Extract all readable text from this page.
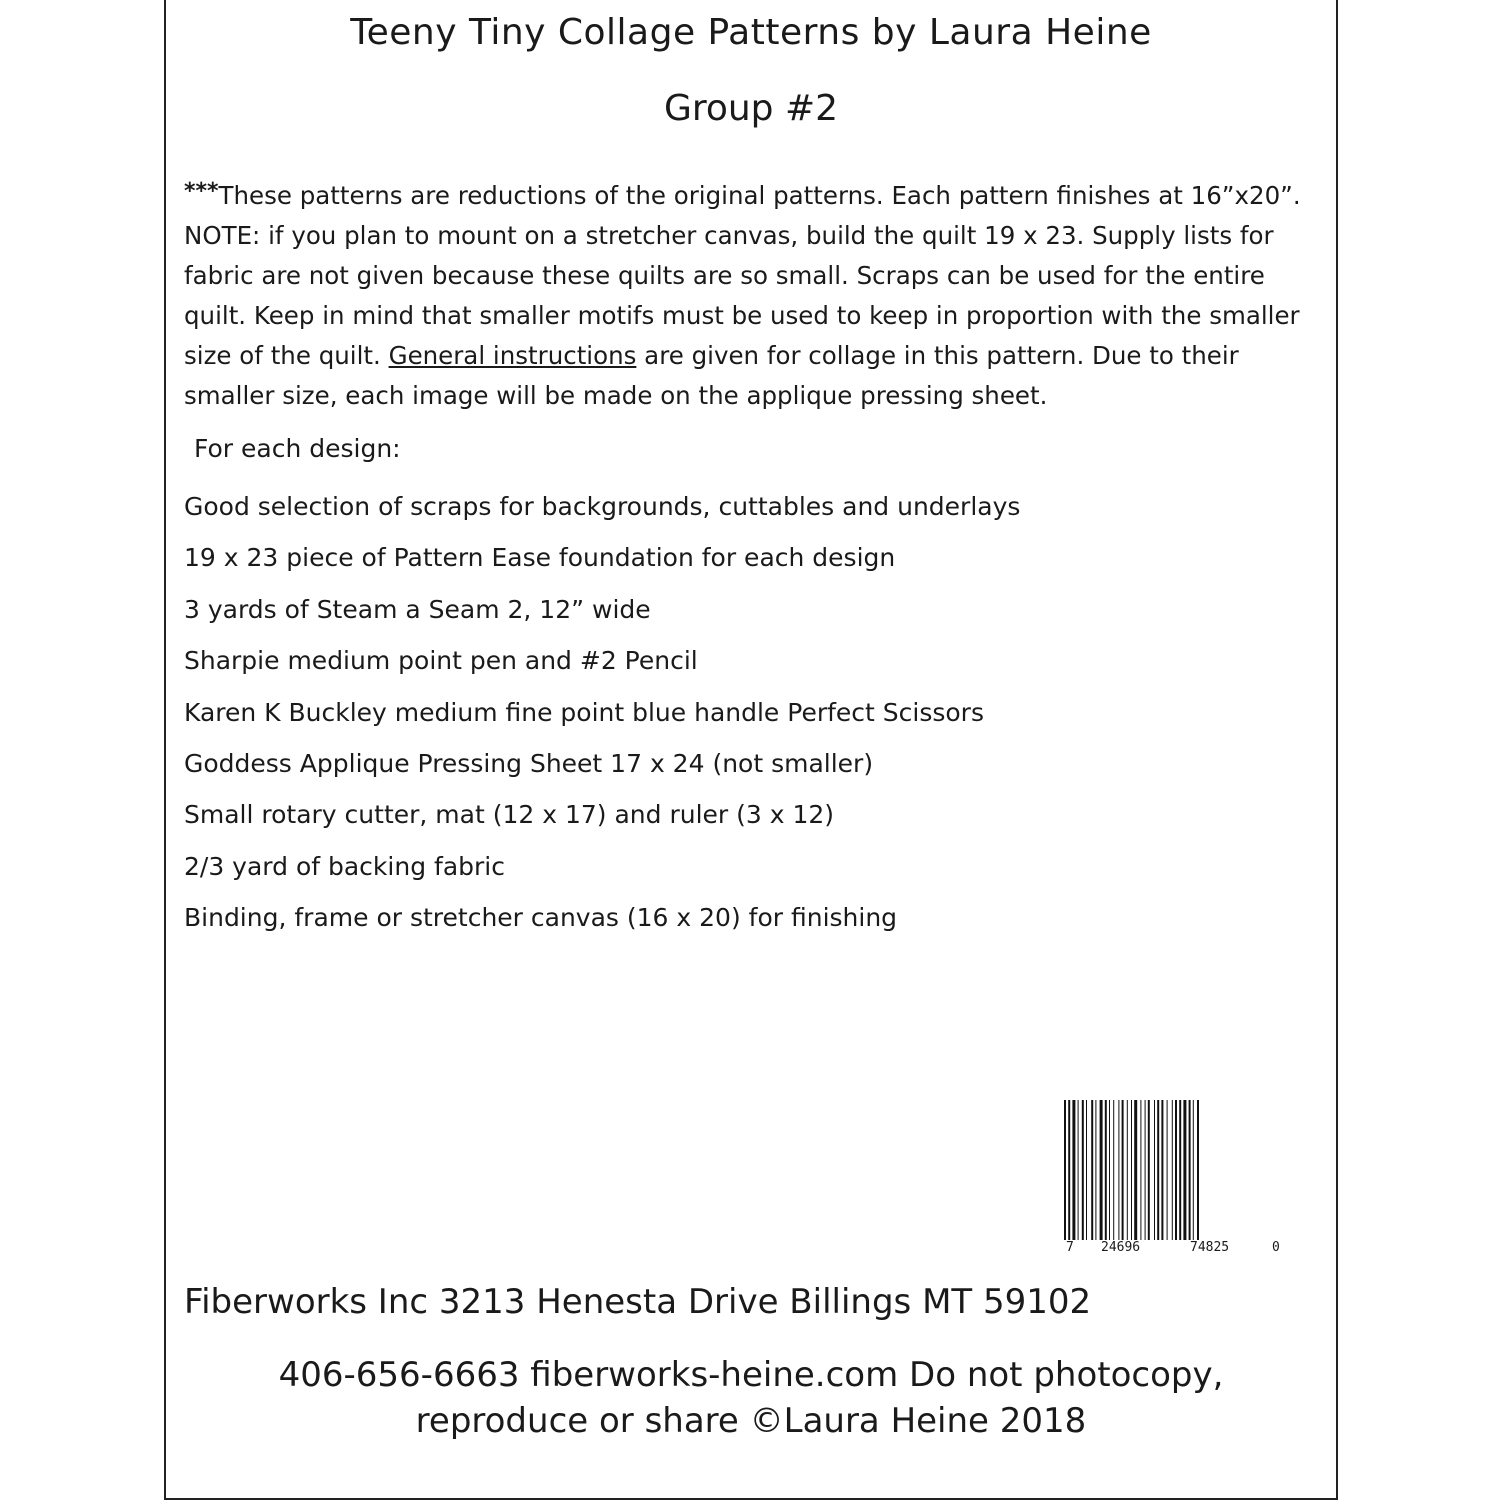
Teeny Tiny Collage Patterns by Laura Heine
Group #2
***These patterns are reductions of the original patterns. Each pattern finishes at 16”x20”. NOTE: if you plan to mount on a stretcher canvas, build the quilt 19 x 23. Supply lists for fabric are not given because these quilts are so small. Scraps can be used for the entire quilt. Keep in mind that smaller motifs must be used to keep in proportion with the smaller size of the quilt. General instructions are given for collage in this pattern. Due to their smaller size, each image will be made on the applique pressing sheet.
For each design:
Good selection of scraps for backgrounds, cuttables and underlays
19 x 23 piece of Pattern Ease foundation for each design
3 yards of Steam a Seam 2, 12” wide
Sharpie medium point pen and #2 Pencil
Karen K Buckley medium fine point blue handle Perfect Scissors
Goddess Applique Pressing Sheet 17 x 24 (not smaller)
Small rotary cutter, mat (12 x 17) and ruler (3 x 12)
2/3 yard of backing fabric
Binding, frame or stretcher canvas (16 x 20) for finishing
7 24696	74825	0
Fiberworks Inc 3213 Henesta Drive Billings MT 59102
406-656-6663 fiberworks-heine.com Do not photocopy,
reproduce or share ©Laura Heine 2018
